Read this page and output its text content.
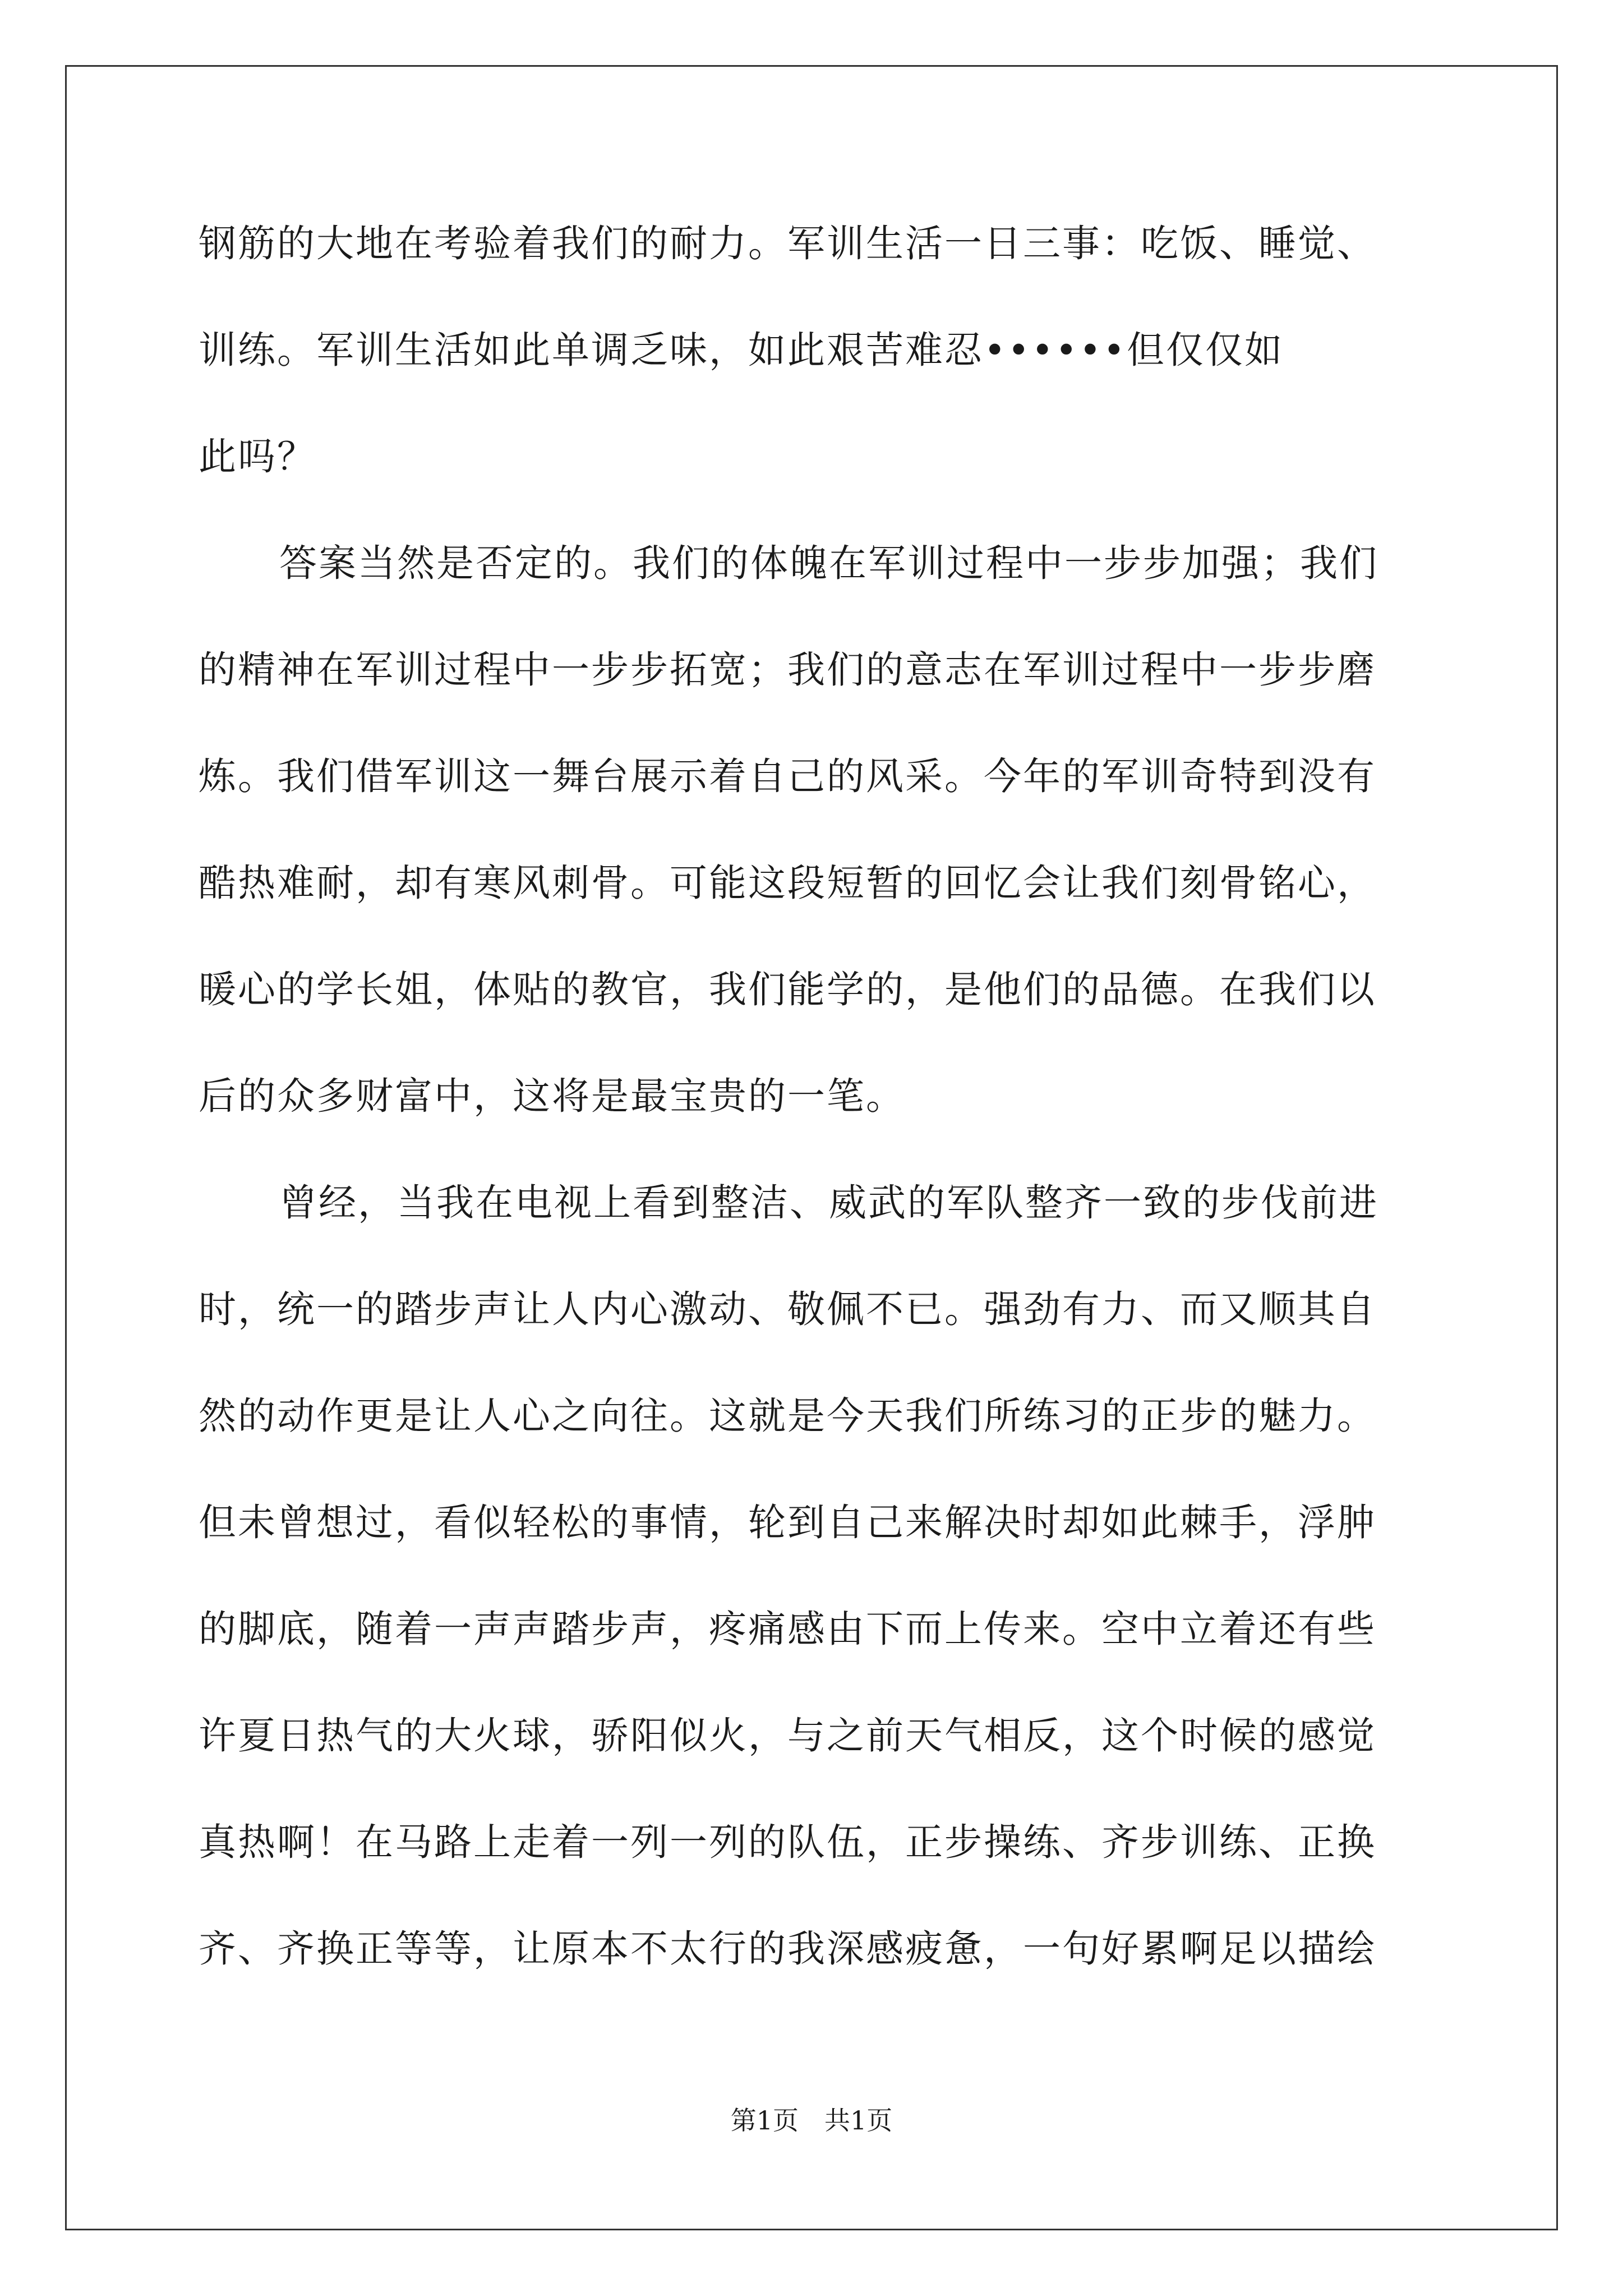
钢筋的大地在考验着我们的耐力。军训生活一日三事：吃饭、睡觉、
训练。军训生活如此单调乏味，如此艰苦难忍••••••但仅仅如
此吗？
答案当然是否定的。我们的体魄在军训过程中一步步加强；我们
的精神在军训过程中一步步拓宽；我们的意志在军训过程中一步步磨
炼。我们借军训这一舞台展示着自己的风采。今年的军训奇特到没有
酷热难耐，却有寒风刺骨。可能这段短暂的回忆会让我们刻骨铭心，
暖心的学长姐，体贴的教官，我们能学的，是他们的品德。在我们以
后的众多财富中，这将是最宝贵的一笔。
曾经，当我在电视上看到整洁、威武的军队整齐一致的步伐前进
时，统一的踏步声让人内心激动、敬佩不已。强劲有力、而又顺其自
然的动作更是让人心之向往。这就是今天我们所练习的正步的魅力。
但未曾想过，看似轻松的事情，轮到自己来解决时却如此棘手，浮肿
的脚底，随着一声声踏步声，疼痛感由下而上传来。空中立着还有些
许夏日热气的大火球，骄阳似火，与之前天气相反，这个时候的感觉
真热啊！在马路上走着一列一列的队伍，正步操练、齐步训练、正换
齐、齐换正等等，让原本不太行的我深感疲惫，一句好累啊足以描绘
第1页　共1页
